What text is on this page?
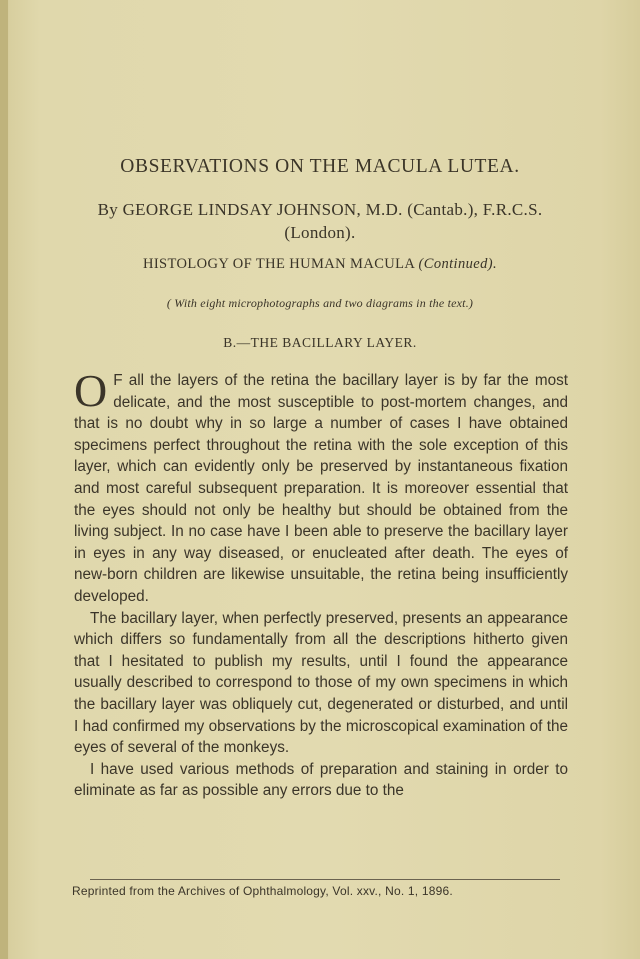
OBSERVATIONS ON THE MACULA LUTEA.
By GEORGE LINDSAY JOHNSON, M.D. (Cantab.), F.R.C.S.
(London).
HISTOLOGY OF THE HUMAN MACULA (Continued).
( With eight microphotographs and two diagrams in the text.)
B.—THE BACILLARY LAYER.

O F all the layers of the retina the bacillary layer is by far the most delicate, and the most susceptible to post-mortem changes, and that is no doubt why in so large a number of cases I have obtained specimens perfect throughout the retina with the sole exception of this layer, which can evidently only be preserved by instantaneous fixation and most careful subsequent preparation. It is moreover essential that the eyes should not only be healthy but should be obtained from the living subject. In no case have I been able to preserve the bacillary layer in eyes in any way diseased, or enucleated after death. The eyes of new-born children are likewise unsuitable, the retina being insufficiently developed.

The bacillary layer, when perfectly preserved, presents an appearance which differs so fundamentally from all the descriptions hitherto given that I hesitated to publish my results, until I found the appearance usually described to correspond to those of my own specimens in which the bacillary layer was obliquely cut, degenerated or disturbed, and until I had confirmed my observations by the microscopical examination of the eyes of several of the monkeys.

I have used various methods of preparation and staining in order to eliminate as far as possible any errors due to the

Reprinted from the Archives of Ophthalmology, Vol. xxv., No. 1, 1896.
